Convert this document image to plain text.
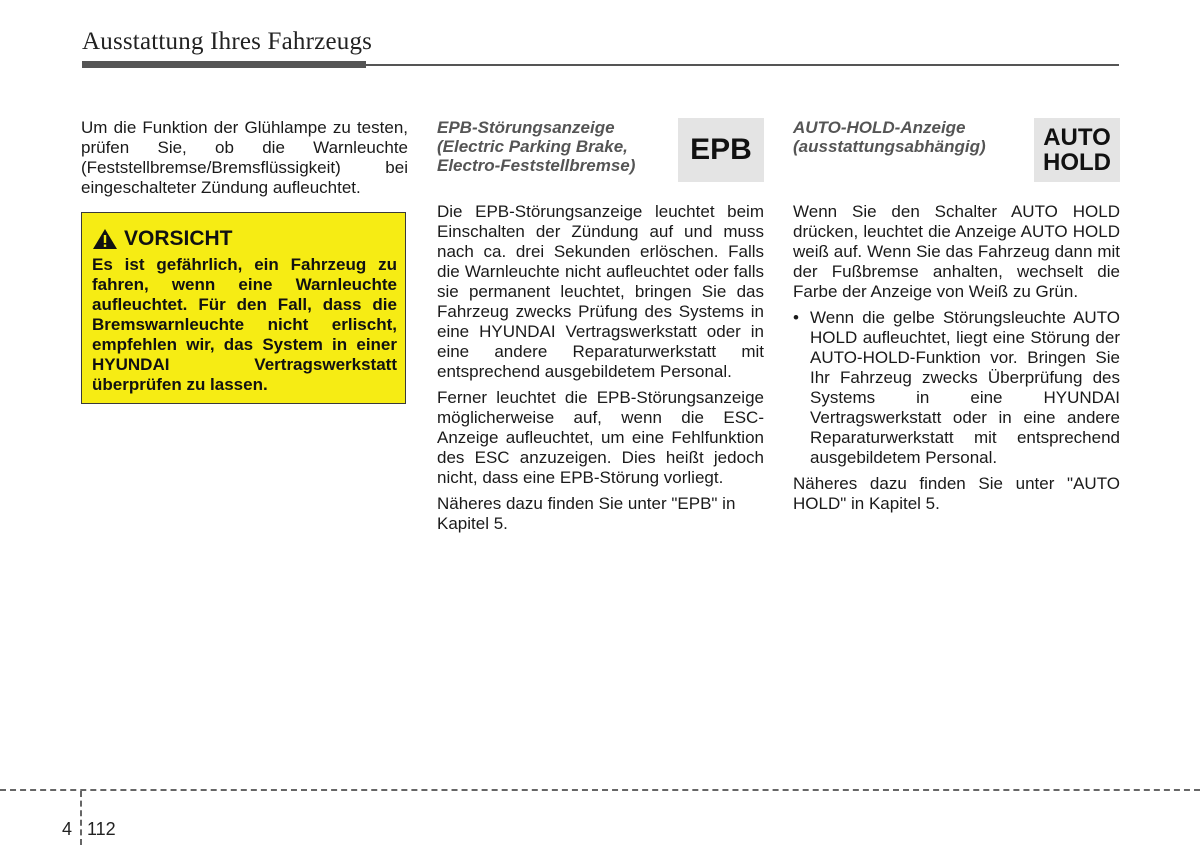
Ausstattung Ihres Fahrzeugs

Um die Funktion der Glühlampe zu testen, prüfen Sie, ob die Warnleuchte (Feststellbremse/Bremsflüssigkeit) bei eingeschalteter Zündung aufleuchtet.

VORSICHT
Es ist gefährlich, ein Fahrzeug zu fahren, wenn eine Warnleuchte aufleuchtet. Für den Fall, dass die Bremswarnleuchte nicht erlischt, empfehlen wir, das System in einer HYUNDAI Vertragswerkstatt überprüfen zu lassen.
EPB-Störungsanzeige (Electric Parking Brake, Electro-Feststellbremse)	EPB

Die EPB-Störungsanzeige leuchtet beim Einschalten der Zündung auf und muss nach ca. drei Sekunden erlöschen. Falls die Warnleuchte nicht aufleuchtet oder falls sie permanent leuchtet, bringen Sie das Fahrzeug zwecks Prüfung des Systems in eine HYUNDAI Vertragswerkstatt oder in eine andere Reparaturwerkstatt mit entsprechend ausgebildetem Personal.

Ferner leuchtet die EPB-Störungsanzeige möglicherweise auf, wenn die ESC-Anzeige aufleuchtet, um eine Fehlfunktion des ESC anzuzeigen. Dies heißt jedoch nicht, dass eine EPB-Störung vorliegt.

Näheres dazu finden Sie unter "EPB" in Kapitel 5.

AUTO-HOLD-Anzeige (ausstattungsabhängig)	AUTO
HOLD

Wenn Sie den Schalter AUTO HOLD drücken, leuchtet die Anzeige AUTO HOLD weiß auf. Wenn Sie das Fahrzeug dann mit der Fußbremse anhalten, wechselt die Farbe der Anzeige von Weiß zu Grün.

• Wenn die gelbe Störungsleuchte AUTO HOLD aufleuchtet, liegt eine Störung der AUTO-HOLD-Funktion vor. Bringen Sie Ihr Fahrzeug zwecks Überprüfung des Systems in eine HYUNDAI Vertragswerkstatt oder in eine andere Reparaturwerkstatt mit entsprechend ausgebildetem Personal.

Näheres dazu finden Sie unter "AUTO HOLD" in Kapitel 5.

4 112
